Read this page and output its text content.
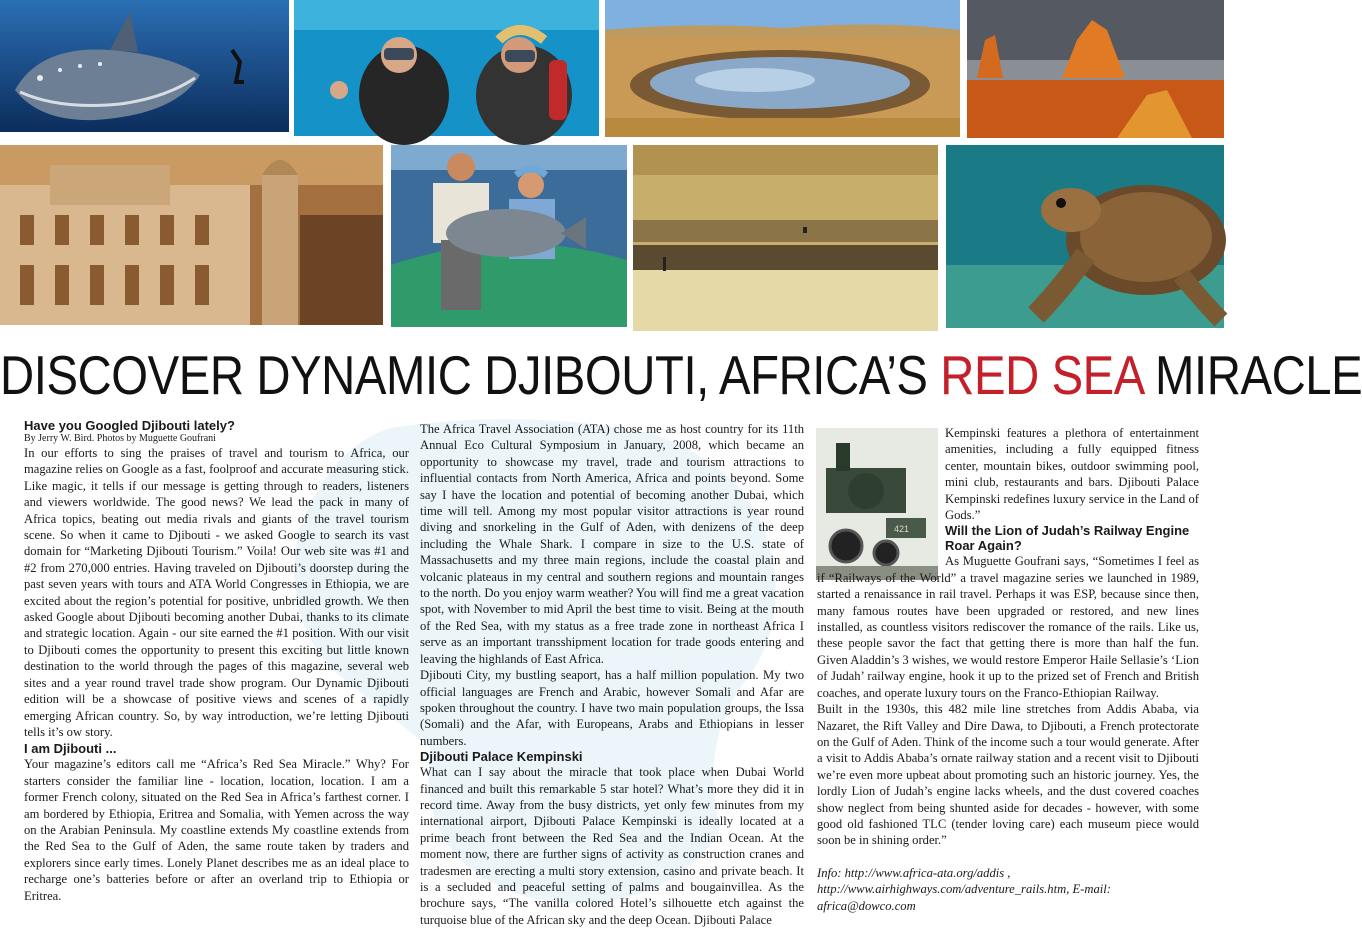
DISCOVER DYNAMIC DJIBOUTI, AFRICA’S RED SEA MIRACLE

Have you Googled Djibouti lately?

By Jerry W. Bird. Photos by Muguette Goufrani

In our efforts to sing the praises of travel and tourism to Africa, our magazine relies on Google as a fast, foolproof and accurate measuring stick. Like magic, it tells if our message is getting through to readers, listeners and viewers worldwide. The good news? We lead the pack in many of Africa topics, beating out media rivals and giants of the travel tourism scene. So when it came to Djibouti - we asked Google to search its vast domain for “Marketing Djibouti Tourism.” Voila! Our web site was #1 and #2 from 270,000 entries. Having traveled on Djibouti’s doorstep during the past seven years with tours and ATA World Congresses in Ethiopia, we are excited about the region’s potential for positive, unbridled growth. We then asked Google about Djibouti becoming another Dubai, thanks to its climate and strategic location. Again - our site earned the #1 position. With our visit to Djibouti comes the opportunity to present this exciting but little known destination to the world through the pages of this magazine, several web sites and a year round travel trade show program. Our Dynamic Djibouti edition will be a showcase of positive views and scenes of a rapidly emerging African country. So, by way introduction, we’re letting Djibouti tells it’s ow story.

I am Djibouti ...

Your magazine’s editors call me “Africa’s Red Sea Miracle.” Why? For starters consider the familiar line - location, location, location. I am a former French colony, situated on the Red Sea in Africa’s farthest corner. I am bordered by Ethiopia, Eritrea and Somalia, with Yemen across the way on the Arabian Peninsula. My coastline extends My coastline extends from the Red Sea to the Gulf of Aden, the same route taken by traders and explorers since early times. Lonely Planet describes me as an ideal place to recharge one’s batteries before or after an overland trip to Ethiopia or Eritrea.

The Africa Travel Association (ATA) chose me as host country for its 11th Annual Eco Cultural Symposium in January, 2008, which became an opportunity to showcase my travel, trade and tourism attractions to influential contacts from North America, Africa and points beyond. Some say I have the location and potential of becoming another Dubai, which time will tell. Among my most popular visitor attractions is year round diving and snorkeling in the Gulf of Aden, with denizens of the deep including the Whale Shark. I compare in size to the U.S. state of Massachusetts and my three main regions, include the coastal plain and volcanic plateaus in my central and southern regions and mountain ranges to the north. Do you enjoy warm weather? You will find me a great vacation spot, with November to mid April the best time to visit. Being at the mouth of the Red Sea, with my status as a free trade zone in northeast Africa I serve as an important transshipment location for trade goods entering and leaving the highlands of East Africa.

Djibouti City, my bustling seaport, has a half million population. My two official languages are French and Arabic, however Somali and Afar are spoken throughout the country. I have two main population groups, the Issa (Somali) and the Afar, with Europeans, Arabs and Ethiopians in lesser numbers.

Djibouti Palace Kempinski

What can I say about the miracle that took place when Dubai World financed and built this remarkable 5 star hotel? What’s more they did it in record time. Away from the busy districts, yet only few minutes from my international airport, Djibouti Palace Kempinski is ideally located at a prime beach front between the Red Sea and the Indian Ocean. At the moment now, there are further signs of activity as construction cranes and tradesmen are erecting a multi story extension, casino and private beach. It is a secluded and peaceful setting of palms and bougainvillea. As the brochure says, “The vanilla colored Hotel’s silhouette etch against the turquoise blue of the African sky and the deep Ocean. Djibouti Palace

421

Kempinski features a plethora of entertainment amenities, including a fully equipped fitness center, mountain bikes, outdoor swimming pool, mini club, restaurants and bars. Djibouti Palace Kempinski redefines luxury service in the Land of Gods.”

Will the Lion of Judah’s Railway Engine Roar Again?

As Muguette Goufrani says, “Sometimes I feel as if “Railways of the World” a travel magazine series we launched in 1989, started a renaissance in rail travel. Perhaps it was ESP, because since then, many famous routes have been upgraded or restored, and new lines installed, as countless visitors rediscover the romance of the rails. Like us, these people savor the fact that getting there is more than half the fun. Given Aladdin’s 3 wishes, we would restore Emperor Haile Sellasie’s ‘Lion of Judah’ railway engine, hook it up to the prized set of French and British coaches, and operate luxury tours on the Franco-Ethiopian Railway.

Built in the 1930s, this 482 mile line stretches from Addis Ababa, via Nazaret, the Rift Valley and Dire Dawa, to Djibouti, a French protectorate on the Gulf of Aden. Think of the income such a tour would generate. After a visit to Addis Ababa’s ornate railway station and a recent visit to Djibouti we’re even more upbeat about promoting such an historic journey. Yes, the lordly Lion of Judah’s engine lacks wheels, and the dust covered coaches show neglect from being shunted aside for decades - however, with some good old fashioned TLC (tender loving care) each museum piece would soon be in shining order.”

Info: http://www.africa-ata.org/addis , http://www.airhighways.com/adventure_rails.htm, E-mail: africa@dowco.com
